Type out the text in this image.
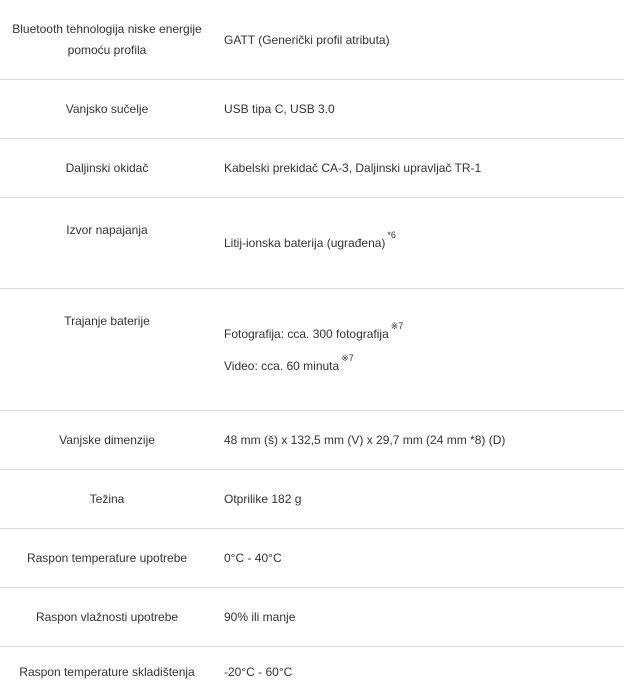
Bluetooth tehnologija niske energije pomoću profila	GATT (Generički profil atributa)
Vanjsko sučelje	USB tipa C, USB 3.0
Daljinski okidač	Kabelski prekidač CA-3, Daljinski upravljač TR-1
Izvor napajanja	Litij-ionska baterija (ugrađena)$^{*6}$
Trajanje baterije	Fotografija: cca. 300 fotografija$^{※7}$
Video: cca. 60 minuta$^{※7}$

Vanjske dimenzije	48 mm (š) x 132,5 mm (V) x 29,7 mm (24 mm *8) (D)
Težina	Otprilike 182 g
Raspon temperature upotrebe	0°C - 40°C
Raspon vlažnosti upotrebe	90% ili manje
Raspon temperature skladištenja	-20°C - 60°C
